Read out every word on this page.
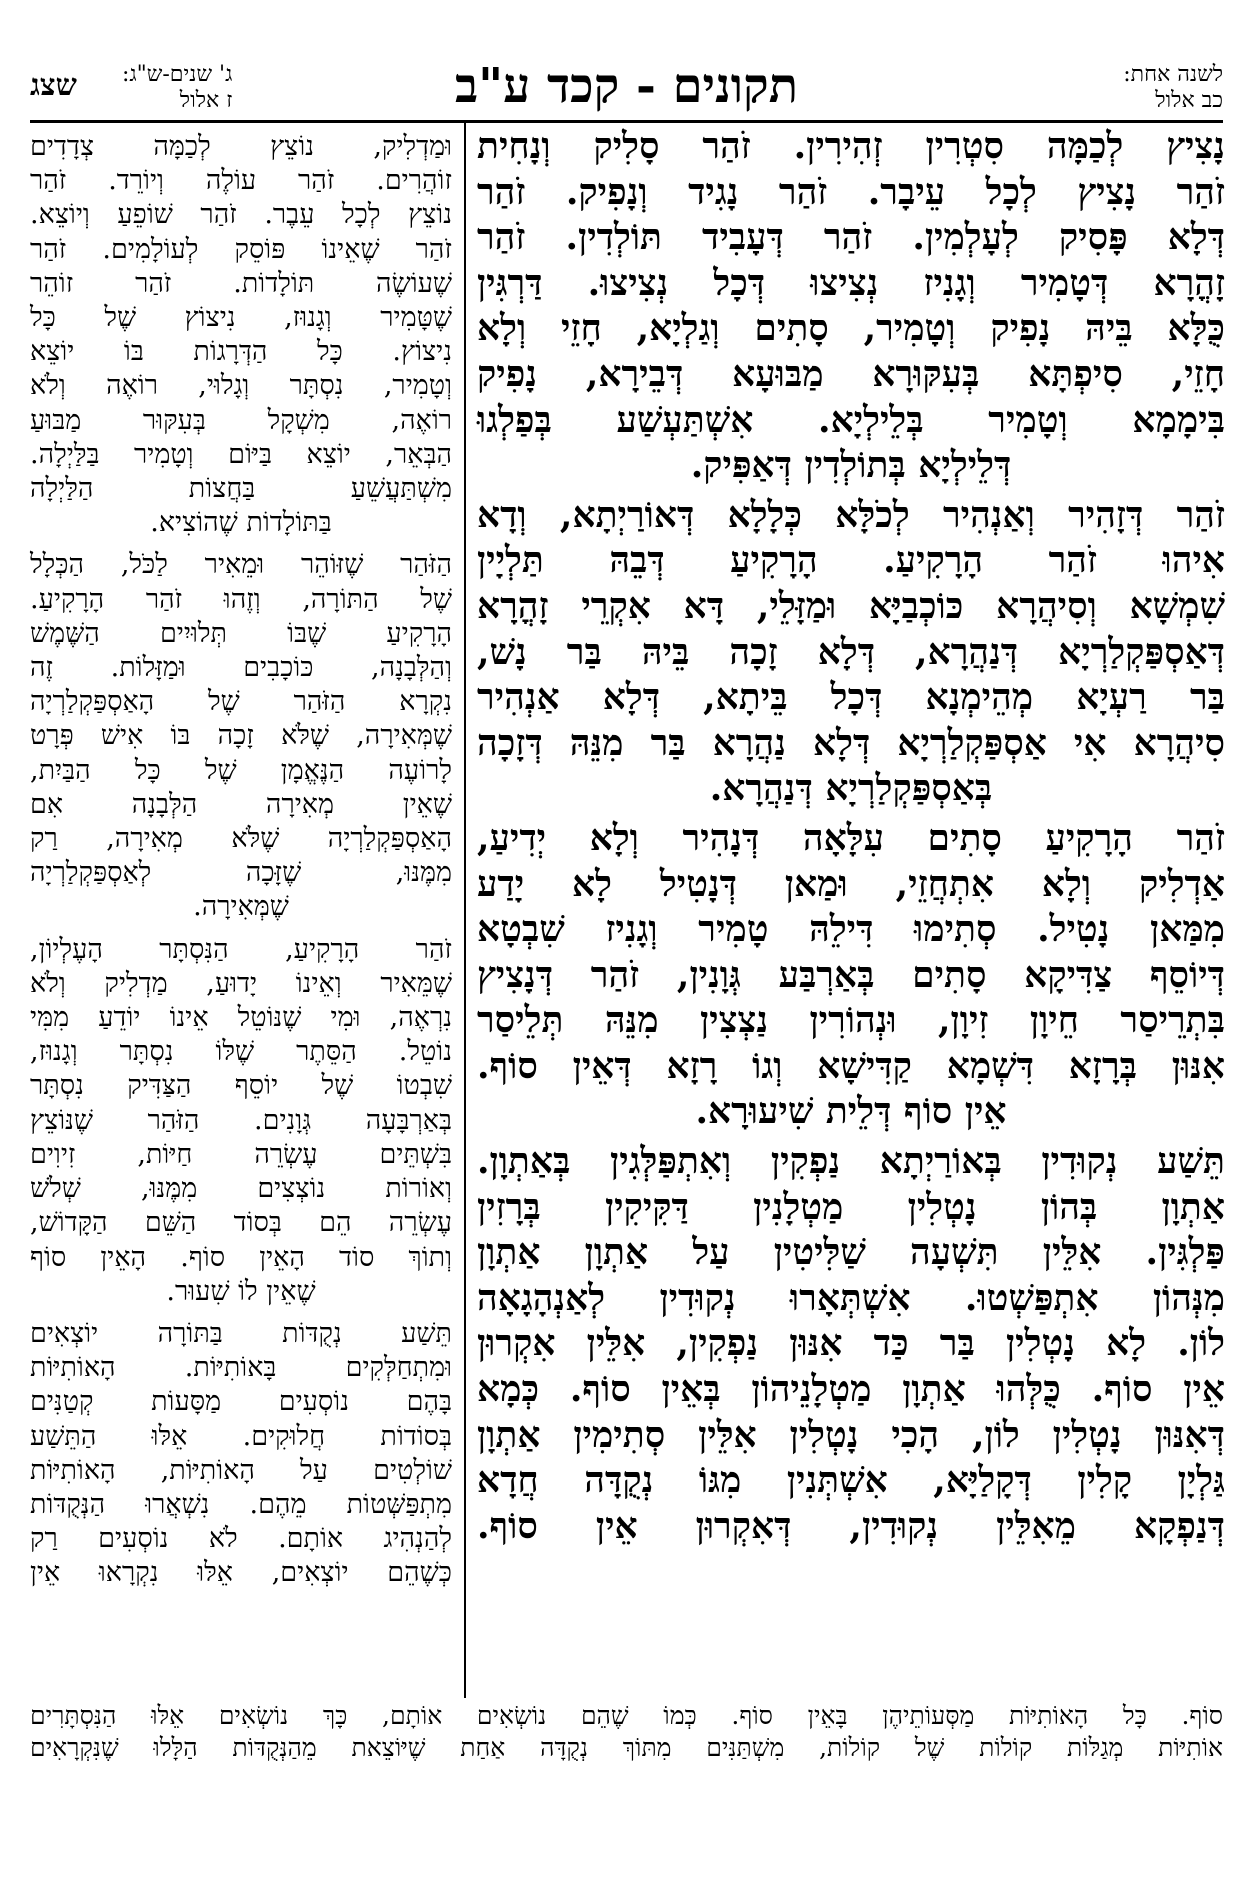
לשנה אחת:
כב אלול
תקונים - קכד ע"ב
ג' שנים-ש"ג:
ז אלול
שצג

נָצִיץ לְכַמָּה סִטְרִין זְהִירִין. זֹהַר סָלִיק וְנָחִית

זֹהַר נָצִיץ לְכָל עֵיבָר. זֹהַר נָגִיד וְנָפִיק. זֹהַר

דְּלָא פָּסִיק לְעָלְמִין. זֹהַר דְּעָבִיד תּוֹלְדִין. זֹהַר

זָהֳרָא דְּטָמִיר וְגָנִיז נְצִיצוּ דְּכָל נְצִיצוּ. דַּרְגִּין

כֻּלָּא בֵּיהּ נָפִיק וְטָמִיר, סָתִים וְגַלְיָא, חָזֵי וְלָא

חָזֵי, סִיפְתָּא בְּעִקּוּרָא מַבּוּעָא דְּבֵירָא, נָפִיק

בִּימָמָא וְטָמִיר בְּלֵילְיָא. אִשְׁתַּעְשַׁע בְּפַלְגוּ

דְּלֵילְיָא בְּתוֹלְדִין דְּאַפִּיק.

זֹהַר דְּזָהִיר וְאַנְהִיר לְכֹלָּא כְּלָלָא דְּאוֹרַיְתָא, וְדָא

אִיהוּ זֹהַר הָרָקִיעַ. הָרָקִיעַ דְּבֵהּ תַּלְיָין

שִׁמְשָׁא וְסִיהֲרָא כּוֹכְבַיָּא וּמַזָּלֵי, דָּא אִקְרֵי זָהֳרָא

דְּאַסְפַּקְלַרְיָא דְּנַהֲרָא, דְּלָא זָכָה בֵּיהּ בַּר נָשׁ,

בַּר רַעְיָא מְהֵימְנָא דְּכָל בֵּיתָא, דְּלָא אַנְהִיר

סִיהֲרָא אִי אַסְפַּקְלַרְיָא דְּלָא נַהֲרָא בַּר מִנֵּהּ דְּזָכָה

בְּאַסְפַּקְלַרְיָא דְּנַהֲרָא.

זֹהַר הָרָקִיעַ סָתִים עִלָּאָה דְּנָהִיר וְלָא יְדִיעַ,

אַדְלִיק וְלָא אִתְחֲזֵי, וּמַאן דְּנָטִיל לָא יָדַע

מִמַּאן נָטִיל. סְתִימוּ דִּילֵהּ טָמִיר וְגָנִיז שִׁבְטָא

דְּיוֹסֵף צַדִּיקָא סָתִים בְּאַרְבַּע גְּוָנִין, זֹהַר דְּנָצִיץ

בִּתְרֵיסַר חֵיוָן זִיוָן, וּנְהוֹרִין נַצְצִין מִנֵּהּ תְּלֵיסַר

אִנּוּן בְּרָזָא דִּשְׁמָא קַדִּישָׁא וְגוֹ רָזָא דְּאֵין סוֹף.

אֵין סוֹף דְּלֵית שִׁיעוּרָא.

תֵּשַׁע נְקוּדִין בְּאוֹרַיְתָא נַפְקִין וְאִתְפַּלְּגִין בְּאַתְוָן.

אַתְוָן בְּהוֹן נָטְלִין מַטְלָנִין דַּקִּיקִין בְּרָזִין

פַּלְגִּין. אִלֵּין תִּשְׁעָה שַׁלִּיטִין עַל אַתְוָן אַתְוָן

מִנְּהוֹן אִתְפַּשְׁטוּ. אִשְׁתְּאָרוּ נְקוּדִין לְאַנְהָגָאָה

לוֹן. לָא נָטְלִין בַּר כַּד אִנּוּן נַפְקִין, אִלֵּין אִקְרוּן

אֵין סוֹף. כֻּלְּהוּ אַתְוָן מַטְלָנֵיהוֹן בְּאֵין סוֹף. כְּמָא

דְּאִנּוּן נָטְלִין לוֹן, הָכִי נָטְלִין אִלֵּין סְתִימִין אַתְוָן

גַּלְיָן קָלִין דְּקָלַיָּא, אִשְׁתְּנִין מִגּוֹ נְקֻדָּה חֲדָא

דְּנַפְקָא מֵאִלֵּין נְקוּדִין, דְּאִקְרוּן אֵין סוֹף.

וּמַדְלִיק, נוֹצֵץ לְכַמָּה צְדָדִים

זוֹהֲרִים. זֹהַר עוֹלֶה וְיוֹרֵד. זֹהַר

נוֹצֵץ לְכָל עֵבֶר. זֹהַר שׁוֹפֵעַ וְיוֹצֵא.

זֹהַר שֶׁאֵינוֹ פּוֹסֵק לְעוֹלָמִים. זֹהַר

שֶׁעוֹשֶׂה תּוֹלָדוֹת. זֹהַר זוֹהֵר

שֶׁטָּמִיר וְגָנוּז, נִיצוֹץ שֶׁל כָּל

נִיצוֹץ. כָּל הַדְּרָגוֹת בּוֹ יוֹצֵא

וְטָמִיר, נִסְתָּר וְגָלוּי, רוֹאֶה וְלֹא

רוֹאֶה, מִשְׁקָל בְּעִקּוּר מַבּוּעַ

הַבְּאֵר, יוֹצֵא בַּיּוֹם וְטָמִיר בַּלַּיְלָה.

מִשְׁתַּעֲשֵׁעַ בַּחֲצוֹת הַלַּיְלָה

בַּתּוֹלָדוֹת שֶׁהוֹצִיא.

הַזֹּהַר שֶׁזּוֹהֵר וּמֵאִיר לַכֹּל, הַכְּלָל

שֶׁל הַתּוֹרָה, וְזֶהוּ זֹהַר הָרָקִיעַ.

הָרָקִיעַ שֶׁבּוֹ תְּלוּיִים הַשֶּׁמֶשׁ

וְהַלְּבָנָה, כּוֹכָבִים וּמַזָּלוֹת. זֶה

נִקְרָא הַזֹּהַר שֶׁל הָאַסְפַּקְלַרְיָה

שֶׁמְּאִירָה, שֶׁלֹּא זָכָה בּוֹ אִישׁ פְּרָט

לָרוֹעֶה הַנֶּאֱמָן שֶׁל כָּל הַבַּיִת,

שֶׁאֵין מְאִירָה הַלְּבָנָה אִם

הָאַסְפַּקְלַרְיָה שֶׁלֹּא מְאִירָה, רַק

מִמֶּנּוּ, שֶׁזָּכָה לְאַסְפַּקְלַרְיָה

שֶׁמְּאִירָה.

זֹהַר הָרָקִיעַ, הַנִּסְתָּר הָעֶלְיוֹן,

שֶׁמֵּאִיר וְאֵינוֹ יָדוּעַ, מַדְלִיק וְלֹא

נִרְאֶה, וּמִי שֶׁנּוֹטֵל אֵינוֹ יוֹדֵעַ מִמִּי

נוֹטֵל. הַסֵּתֶר שֶׁלּוֹ נִסְתָּר וְגָנוּז,

שִׁבְטוֹ שֶׁל יוֹסֵף הַצַּדִּיק נִסְתָּר

בְּאַרְבָּעָה גְּוָנִים. הַזֹּהַר שֶׁנּוֹצֵץ

בִּשְׁתֵּים עֶשְׂרֵה חַיּוֹת, זִיוִים

וְאוֹרוֹת נוֹצְצִים מִמֶּנּוּ, שְׁלֹשׁ

עֶשְׂרֵה הֵם בְּסוֹד הַשֵּׁם הַקָּדוֹשׁ,

וְתוֹךְ סוֹד הָאֵין סוֹף. הָאֵין סוֹף

שֶׁאֵין לוֹ שִׁעוּר.

תֵּשַׁע נְקֻדּוֹת בַּתּוֹרָה יוֹצְאִים

וּמִתְחַלְּקִים בָּאוֹתִיּוֹת. הָאוֹתִיּוֹת

בָּהֶם נוֹסְעִים מַסָּעוֹת קְטַנִּים

בְּסוֹדוֹת חֲלוּקִים. אֵלּוּ הַתֵּשַׁע

שׁוֹלְטִים עַל הָאוֹתִיּוֹת, הָאוֹתִיּוֹת

מִתְפַּשְּׁטוֹת מֵהֶם. נִשְׁאֲרוּ הַנְּקֻדּוֹת

לְהַנְהִיג אוֹתָם. לֹא נוֹסְעִים רַק

כְּשֶׁהֵם יוֹצְאִים, אֵלּוּ נִקְרָאוּ אֵין

סוֹף. כָּל הָאוֹתִיּוֹת מַסְּעוֹתֵיהֶן בָּאֵין סוֹף. כְּמוֹ שֶׁהֵם נוֹשְׂאִים אוֹתָם, כָּךְ נוֹשְׂאִים אֵלּוּ הַנִּסְתָּרִים

אוֹתִיּוֹת מְגַלּוֹת קוֹלוֹת שֶׁל קוֹלוֹת, מִשְׁתַּנִּים מִתּוֹךְ נְקֻדָּה אַחַת שֶׁיּוֹצֵאת מֵהַנְּקֻדּוֹת הַלָּלוּ שֶׁנִּקְרָאִים
